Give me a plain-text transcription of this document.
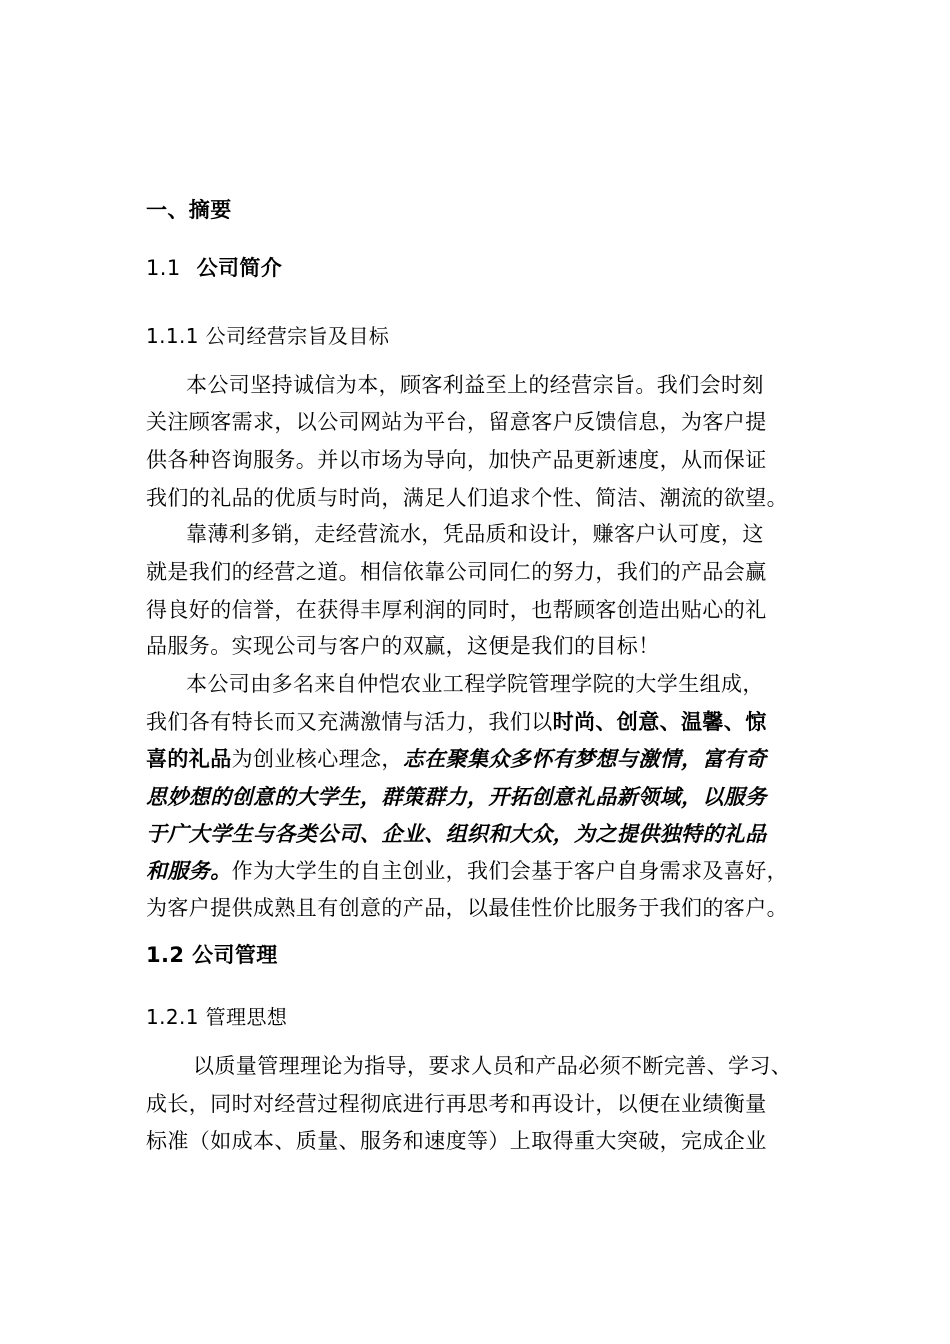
一、摘要
1.1 公司简介
1.1.1 公司经营宗旨及目标
本公司坚持诚信为本，顾客利益至上的经营宗旨。我们会时刻
关注顾客需求，以公司网站为平台，留意客户反馈信息，为客户提
供各种咨询服务。并以市场为导向，加快产品更新速度，从而保证
我们的礼品的优质与时尚，满足人们追求个性、简洁、潮流的欲望。
靠薄利多销，走经营流水，凭品质和设计，赚客户认可度，这
就是我们的经营之道。相信依靠公司同仁的努力，我们的产品会赢
得良好的信誉，在获得丰厚利润的同时，也帮顾客创造出贴心的礼
品服务。实现公司与客户的双赢，这便是我们的目标！
本公司由多名来自仲恺农业工程学院管理学院的大学生组成，
我们各有特长而又充满激情与活力，我们以时尚、创意、温馨、惊
喜的礼品为创业核心理念，志在聚集众多怀有梦想与激情，富有奇
思妙想的创意的大学生，群策群力，开拓创意礼品新领域，以服务
于广大学生与各类公司、企业、组织和大众，为之提供独特的礼品
和服务。作为大学生的自主创业，我们会基于客户自身需求及喜好，
为客户提供成熟且有创意的产品，以最佳性价比服务于我们的客户。
1.2 公司管理
1.2.1 管理思想
以质量管理理论为指导，要求人员和产品必须不断完善、学习、
成长，同时对经营过程彻底进行再思考和再设计，以便在业绩衡量
标准（如成本、质量、服务和速度等）上取得重大突破，完成企业
